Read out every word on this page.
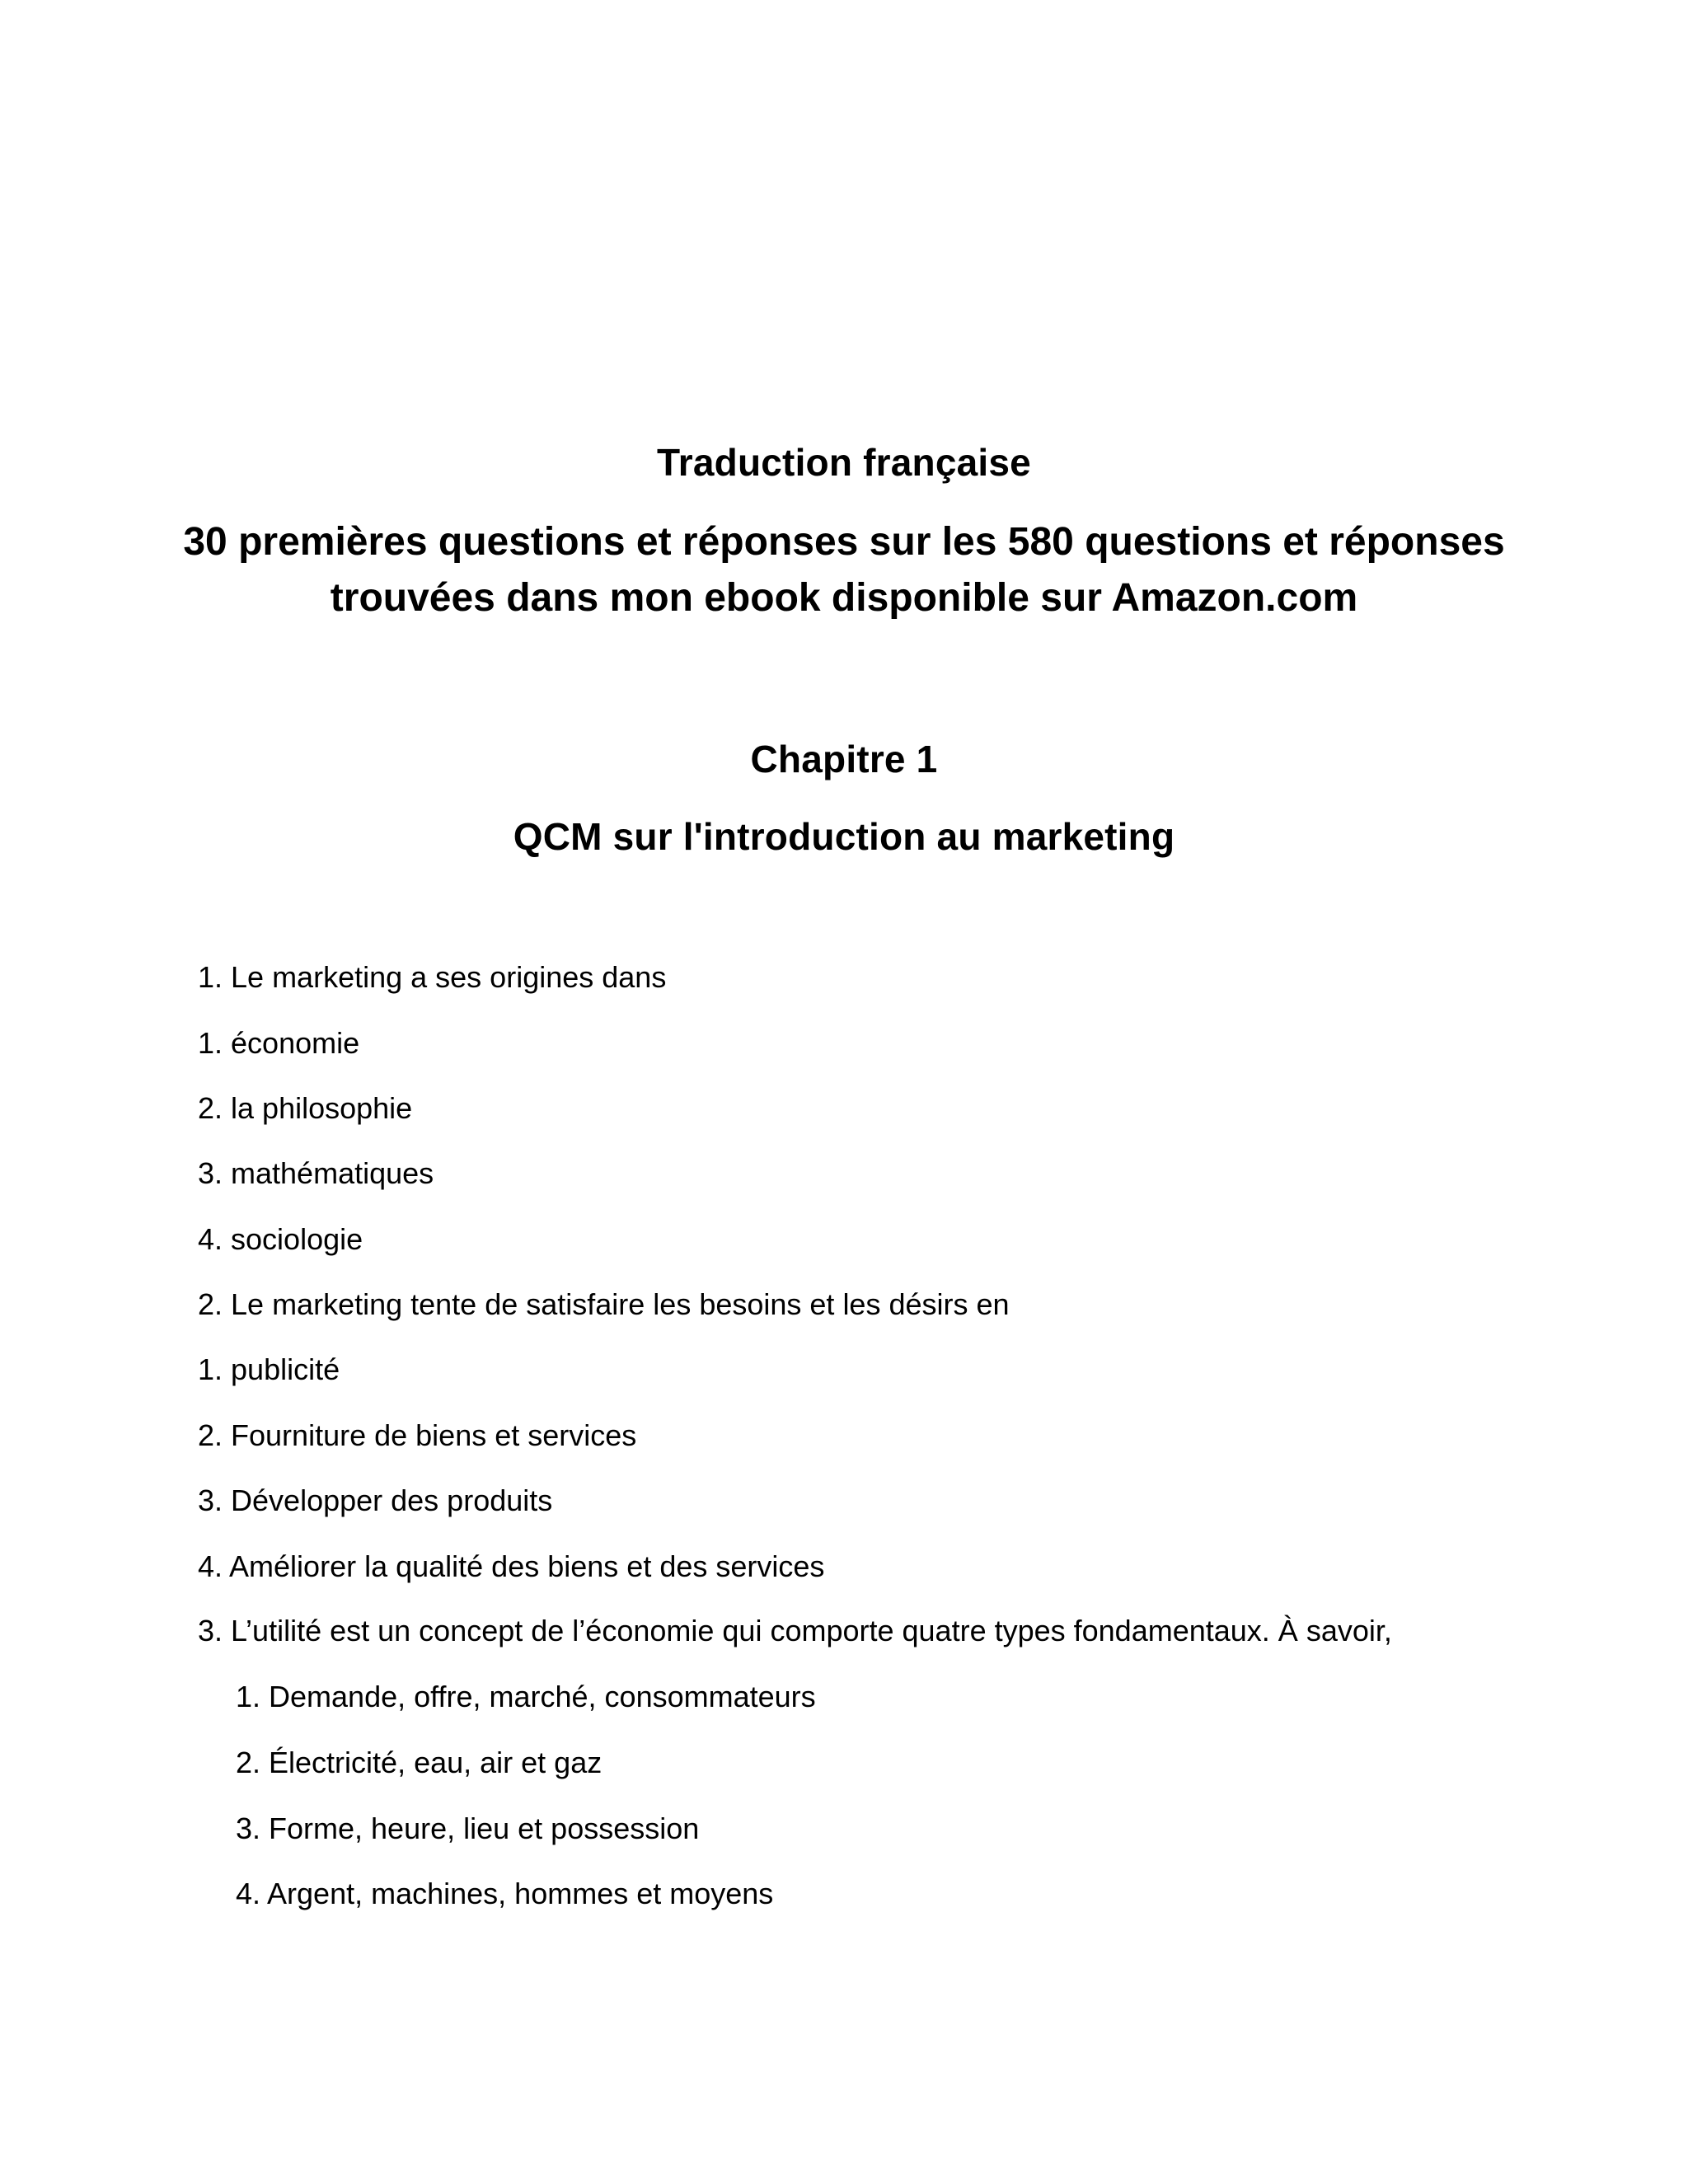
Traduction française
30 premières questions et réponses sur les 580 questions et réponses
trouvées dans mon ebook disponible sur Amazon.com
Chapitre 1
QCM sur l'introduction au marketing
1. Le marketing a ses origines dans
1. économie
2. la philosophie
3. mathématiques
4. sociologie
2. Le marketing tente de satisfaire les besoins et les désirs en
1. publicité
2. Fourniture de biens et services
3. Développer des produits
4. Améliorer la qualité des biens et des services
3. L’utilité est un concept de l’économie qui comporte quatre types fondamentaux. À savoir,
1. Demande, offre, marché, consommateurs
2. Électricité, eau, air et gaz
3. Forme, heure, lieu et possession
4. Argent, machines, hommes et moyens
